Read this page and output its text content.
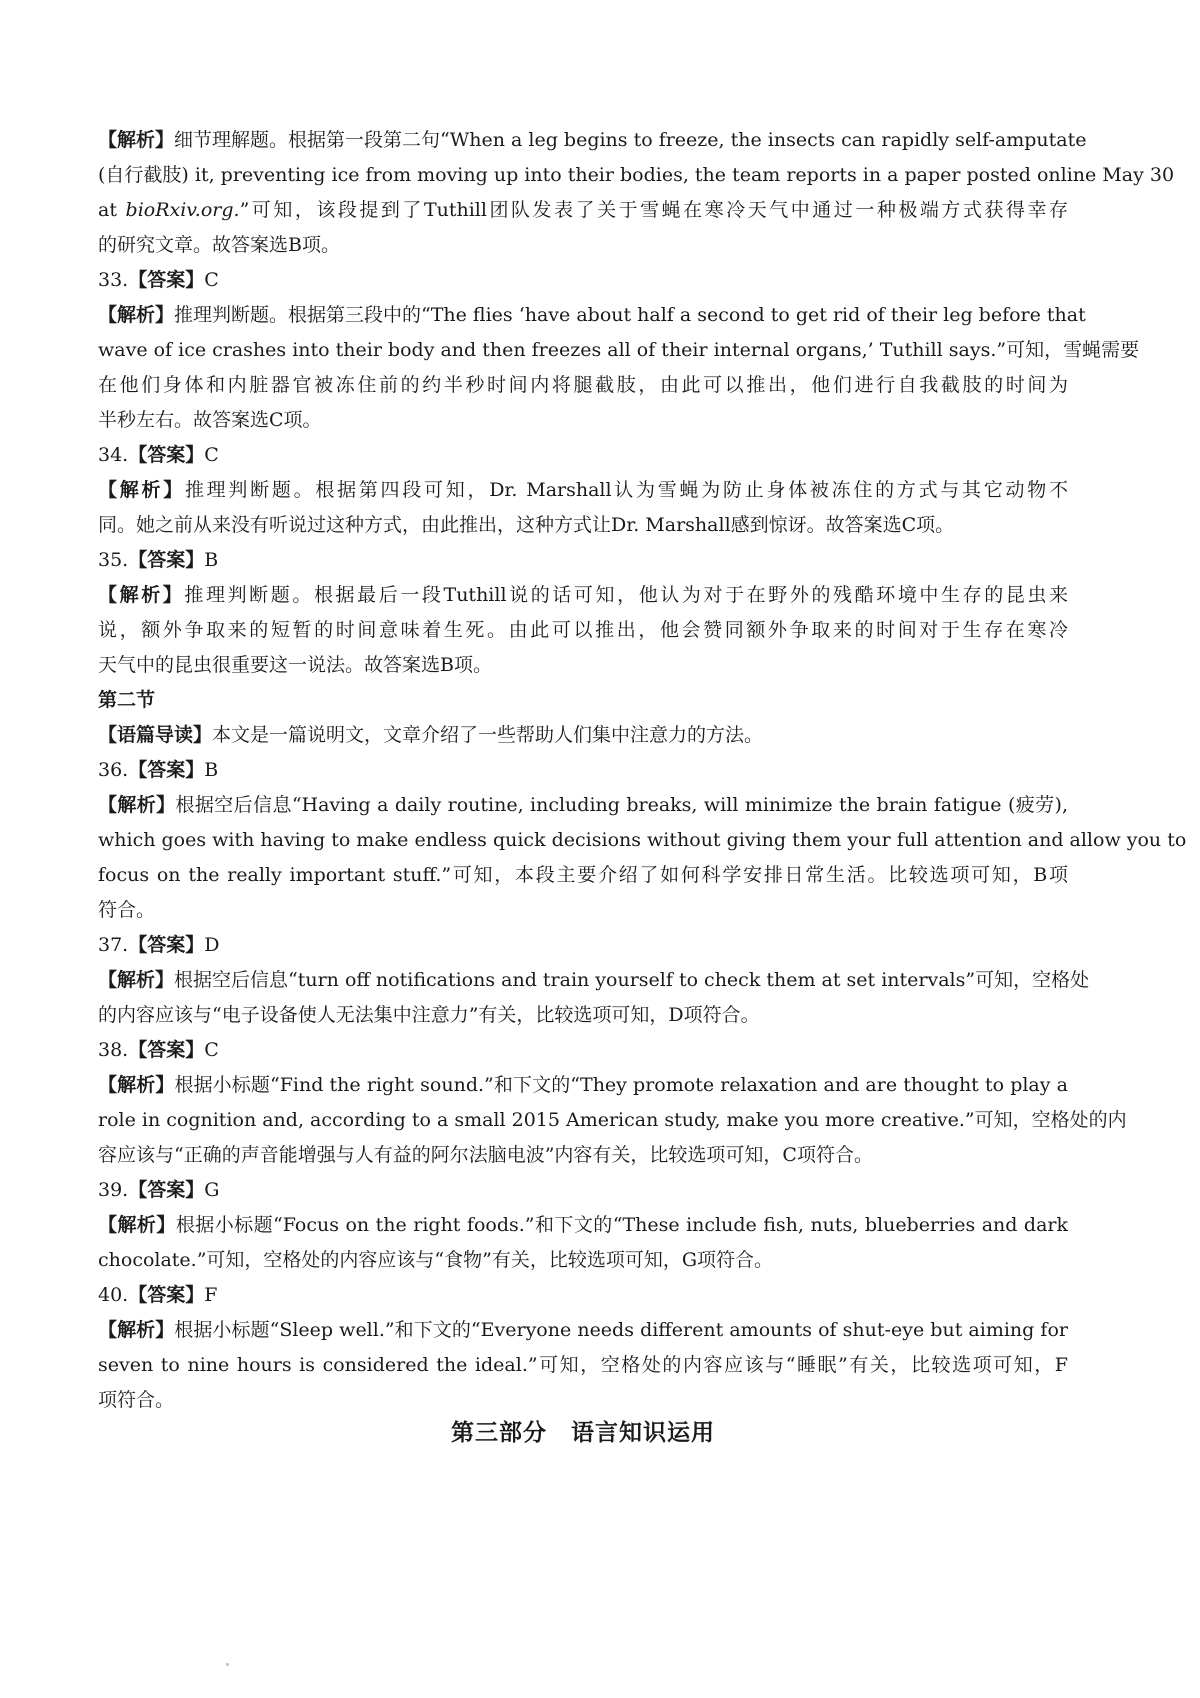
【解析】细节理解题。根据第一段第二句“When a leg begins to freeze, the insects can rapidly self-amputate
(自行截肢) it, preventing ice from moving up into their bodies, the team reports in a paper posted online May 30
at bioRxiv.org.”可知，该段提到了Tuthill团队发表了关于雪蝇在寒冷天气中通过一种极端方式获得幸存
的研究文章。故答案选B项。
33.【答案】C
【解析】推理判断题。根据第三段中的“The flies ‘have about half a second to get rid of their leg before that
wave of ice crashes into their body and then freezes all of their internal organs,’ Tuthill says.”可知，雪蝇需要
在他们身体和内脏器官被冻住前的约半秒时间内将腿截肢，由此可以推出，他们进行自我截肢的时间为
半秒左右。故答案选C项。
34.【答案】C
【解析】推理判断题。根据第四段可知，Dr. Marshall认为雪蝇为防止身体被冻住的方式与其它动物不
同。她之前从来没有听说过这种方式，由此推出，这种方式让Dr. Marshall感到惊讶。故答案选C项。
35.【答案】B
【解析】推理判断题。根据最后一段Tuthill说的话可知，他认为对于在野外的残酷环境中生存的昆虫来
说，额外争取来的短暂的时间意味着生死。由此可以推出，他会赞同额外争取来的时间对于生存在寒冷
天气中的昆虫很重要这一说法。故答案选B项。
第二节
【语篇导读】本文是一篇说明文，文章介绍了一些帮助人们集中注意力的方法。
36.【答案】B
【解析】根据空后信息“Having a daily routine, including breaks, will minimize the brain fatigue (疲劳),
which goes with having to make endless quick decisions without giving them your full attention and allow you to
focus on the really important stuff.”可知，本段主要介绍了如何科学安排日常生活。比较选项可知，B项
符合。
37.【答案】D
【解析】根据空后信息“turn off notifications and train yourself to check them at set intervals”可知，空格处
的内容应该与“电子设备使人无法集中注意力”有关，比较选项可知，D项符合。
38.【答案】C
【解析】根据小标题“Find the right sound.”和下文的“They promote relaxation and are thought to play a
role in cognition and, according to a small 2015 American study, make you more creative.”可知，空格处的内
容应该与“正确的声音能增强与人有益的阿尔法脑电波”内容有关，比较选项可知，C项符合。
39.【答案】G
【解析】根据小标题“Focus on the right foods.”和下文的“These include fish, nuts, blueberries and dark
chocolate.”可知，空格处的内容应该与“食物”有关，比较选项可知，G项符合。
40.【答案】F
【解析】根据小标题“Sleep well.”和下文的“Everyone needs different amounts of shut-eye but aiming for
seven to nine hours is considered the ideal.”可知，空格处的内容应该与“睡眠”有关，比较选项可知，F
项符合。
第三部分　语言知识运用
